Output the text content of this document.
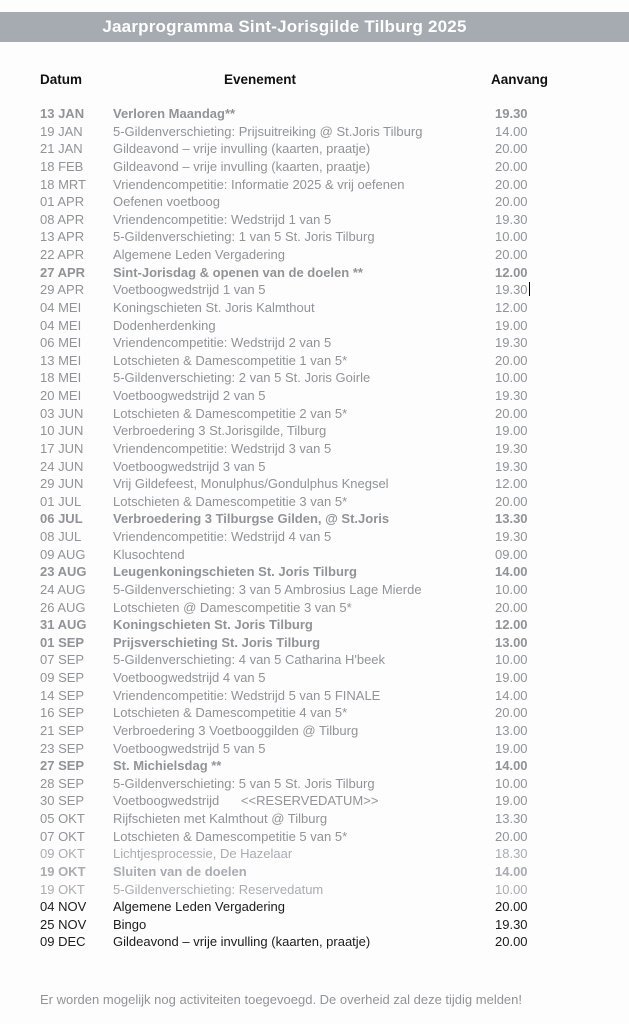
Jaarprogramma Sint-Jorisgilde Tilburg 2025
Datum	Evenement	Aanvang
13 JAN Verloren Maandag**	19.30
19 JAN 5-Gildenverschieting: Prijsuitreiking @ St.Joris Tilburg	14.00
21 JAN Gildeavond – vrije invulling (kaarten, praatje)	20.00
18 FEB Gildeavond – vrije invulling (kaarten, praatje)	20.00
18 MRT Vriendencompetitie: Informatie 2025 & vrij oefenen	20.00
01 APR Oefenen voetboog	20.00
08 APR Vriendencompetitie: Wedstrijd 1 van 5	19.30
13 APR 5-Gildenverschieting: 1 van 5 St. Joris Tilburg	10.00
22 APR Algemene Leden Vergadering	20.00
27 APR Sint-Jorisdag & openen van de doelen **	12.00
29 APR Voetboogwedstrijd 1 van 5	19.30
04 MEI Koningschieten St. Joris Kalmthout	12.00
04 MEI Dodenherdenking	19.00
06 MEI Vriendencompetitie: Wedstrijd 2 van 5	19.30
13 MEI Lotschieten & Damescompetitie 1 van 5*	20.00
18 MEI 5-Gildenverschieting: 2 van 5 St. Joris Goirle	10.00
20 MEI Voetboogwedstrijd 2 van 5	19.30
03 JUN Lotschieten & Damescompetitie 2 van 5*	20.00
10 JUN Verbroedering 3 St.Jorisgilde, Tilburg	19.00
17 JUN Vriendencompetitie: Wedstrijd 3 van 5	19.30
24 JUN Voetboogwedstrijd 3 van 5	19.30
29 JUN Vrij Gildefeest, Monulphus/Gondulphus Knegsel	12.00
01 JUL Lotschieten & Damescompetitie 3 van 5*	20.00
06 JUL Verbroedering 3 Tilburgse Gilden, @ St.Joris	13.30
08 JUL Vriendencompetitie: Wedstrijd 4 van 5	19.30
09 AUG Klusochtend	09.00
23 AUG Leugenkoningschieten St. Joris Tilburg	14.00
24 AUG 5-Gildenverschieting: 3 van 5 Ambrosius Lage Mierde	10.00
26 AUG Lotschieten @ Damescompetitie 3 van 5*	20.00
31 AUG Koningschieten St. Joris Tilburg	12.00
01 SEP Prijsverschieting St. Joris Tilburg	13.00
07 SEP 5-Gildenverschieting: 4 van 5 Catharina H'beek	10.00
09 SEP Voetboogwedstrijd 4 van 5	19.00
14 SEP Vriendencompetitie: Wedstrijd 5 van 5 FINALE	14.00
16 SEP Lotschieten & Damescompetitie 4 van 5*	20.00
21 SEP Verbroedering 3 Voetbooggilden @ Tilburg	13.00
23 SEP Voetboogwedstrijd 5 van 5	19.00
27 SEP St. Michielsdag **	14.00
28 SEP 5-Gildenverschieting: 5 van 5 St. Joris Tilburg	10.00
30 SEP Voetboogwedstrijd      <<RESERVEDATUM>>	19.00
05 OKT Rijfschieten met Kalmthout @ Tilburg	13.30
07 OKT Lotschieten & Damescompetitie 5 van 5*	20.00
09 OKT Lichtjesprocessie, De Hazelaar	18.30
19 OKT Sluiten van de doelen	14.00
19 OKT 5-Gildenverschieting: Reservedatum	10.00
04 NOV Algemene Leden Vergadering	20.00
25 NOV Bingo	19.30
09 DEC Gildeavond – vrije invulling (kaarten, praatje)	20.00
Er worden mogelijk nog activiteiten toegevoegd. De overheid zal deze tijdig melden!
